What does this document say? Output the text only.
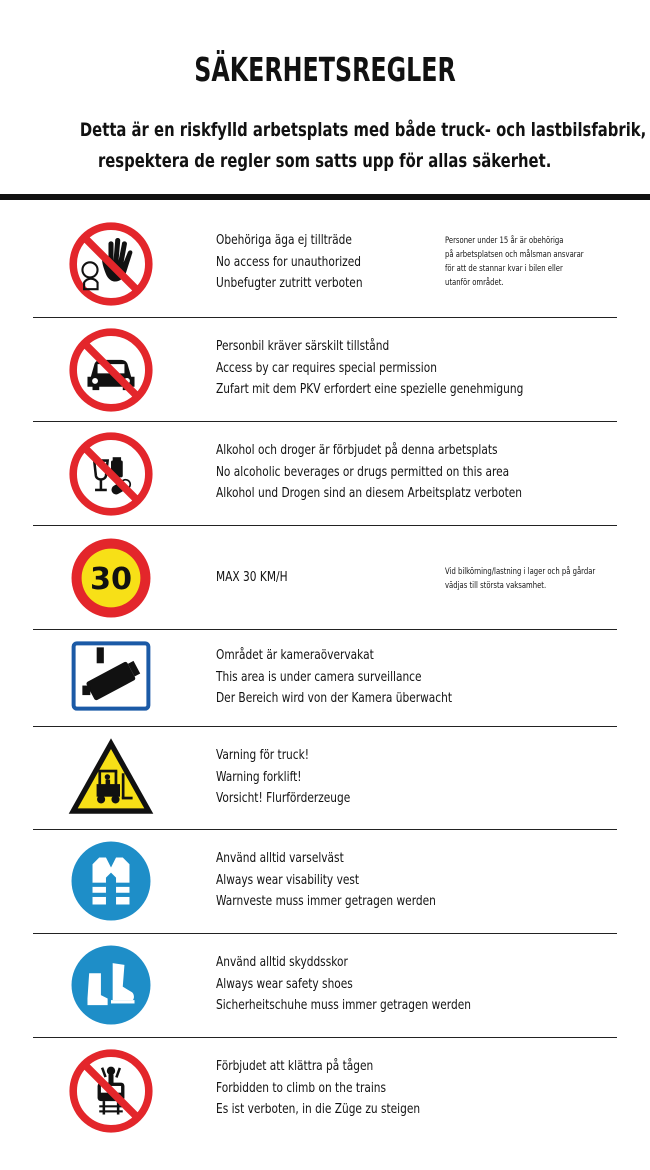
SÄKERHETSREGLER
Detta är en riskfylld arbetsplats med både truck- och lastbilsfabrik,
respektera de regler som satts upp för allas säkerhet.
Obehöriga äga ej tillträde
No access for unauthorized
Unbefugter zutritt verboten
Personer under 15 år är obehöriga
på arbetsplatsen och målsman ansvarar
för att de stannar kvar i bilen eller
utanför området.
Personbil kräver särskilt tillstånd
Access by car requires special permission
Zufart mit dem PKV erfordert eine spezielle genehmigung
Alkohol och droger är förbjudet på denna arbetsplats
No alcoholic beverages or drugs permitted on this area
Alkohol und Drogen sind an diesem Arbeitsplatz verboten
30	MAX 30 KM/H	Vid bilkörning/lastning i lager och på gårdar
vädjas till största vaksamhet.
Området är kameraövervakat
This area is under camera surveillance
Der Bereich wird von der Kamera überwacht
Varning för truck!
Warning forklift!
Vorsicht! Flurförderzeuge
Använd alltid varselväst
Always wear visability vest
Warnveste muss immer getragen werden
Använd alltid skyddsskor
Always wear safety shoes
Sicherheitschuhe muss immer getragen werden
Förbjudet att klättra på tågen
Forbidden to climb on the trains
Es ist verboten, in die Züge zu steigen
